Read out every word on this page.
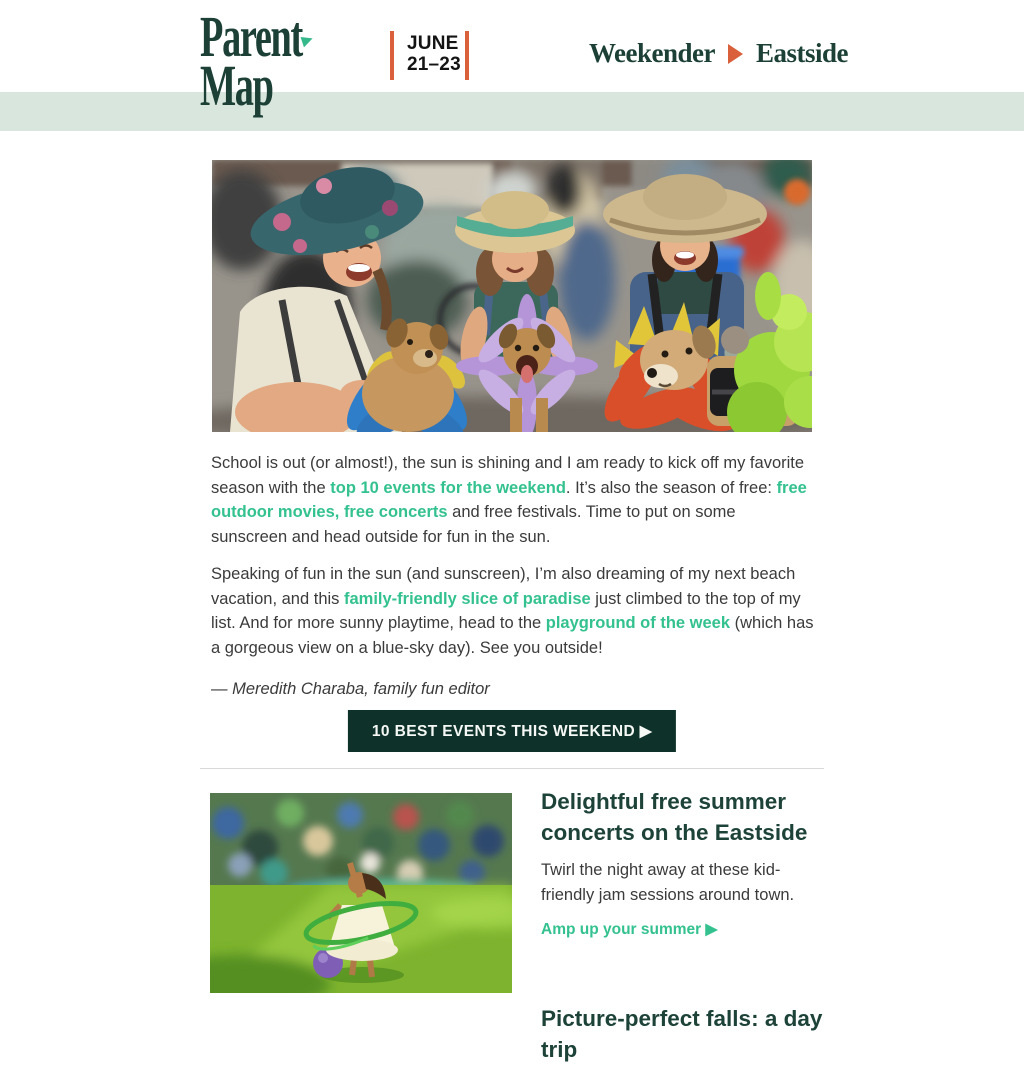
Parent
Map
JUNE
21–23	Weekender Eastside

School is out (or almost!), the sun is shining and I am ready to kick off my favorite season with the top 10 events for the weekend. It’s also the season of free: free outdoor movies, free concerts and free festivals. Time to put on some sunscreen and head outside for fun in the sun.

Speaking of fun in the sun (and sunscreen), I’m also dreaming of my next beach vacation, and this family-friendly slice of paradise just climbed to the top of my list. And for more sunny playtime, head to the playground of the week (which has a gorgeous view on a blue-sky day). See you outside!

— Meredith Charaba, family fun editor

10 BEST EVENTS THIS WEEKEND ▶
Delightful free summer concerts on the Eastside

Twirl the night away at these kid-friendly jam sessions around town.

Amp up your summer ▶
Picture-perfect falls: a day trip
